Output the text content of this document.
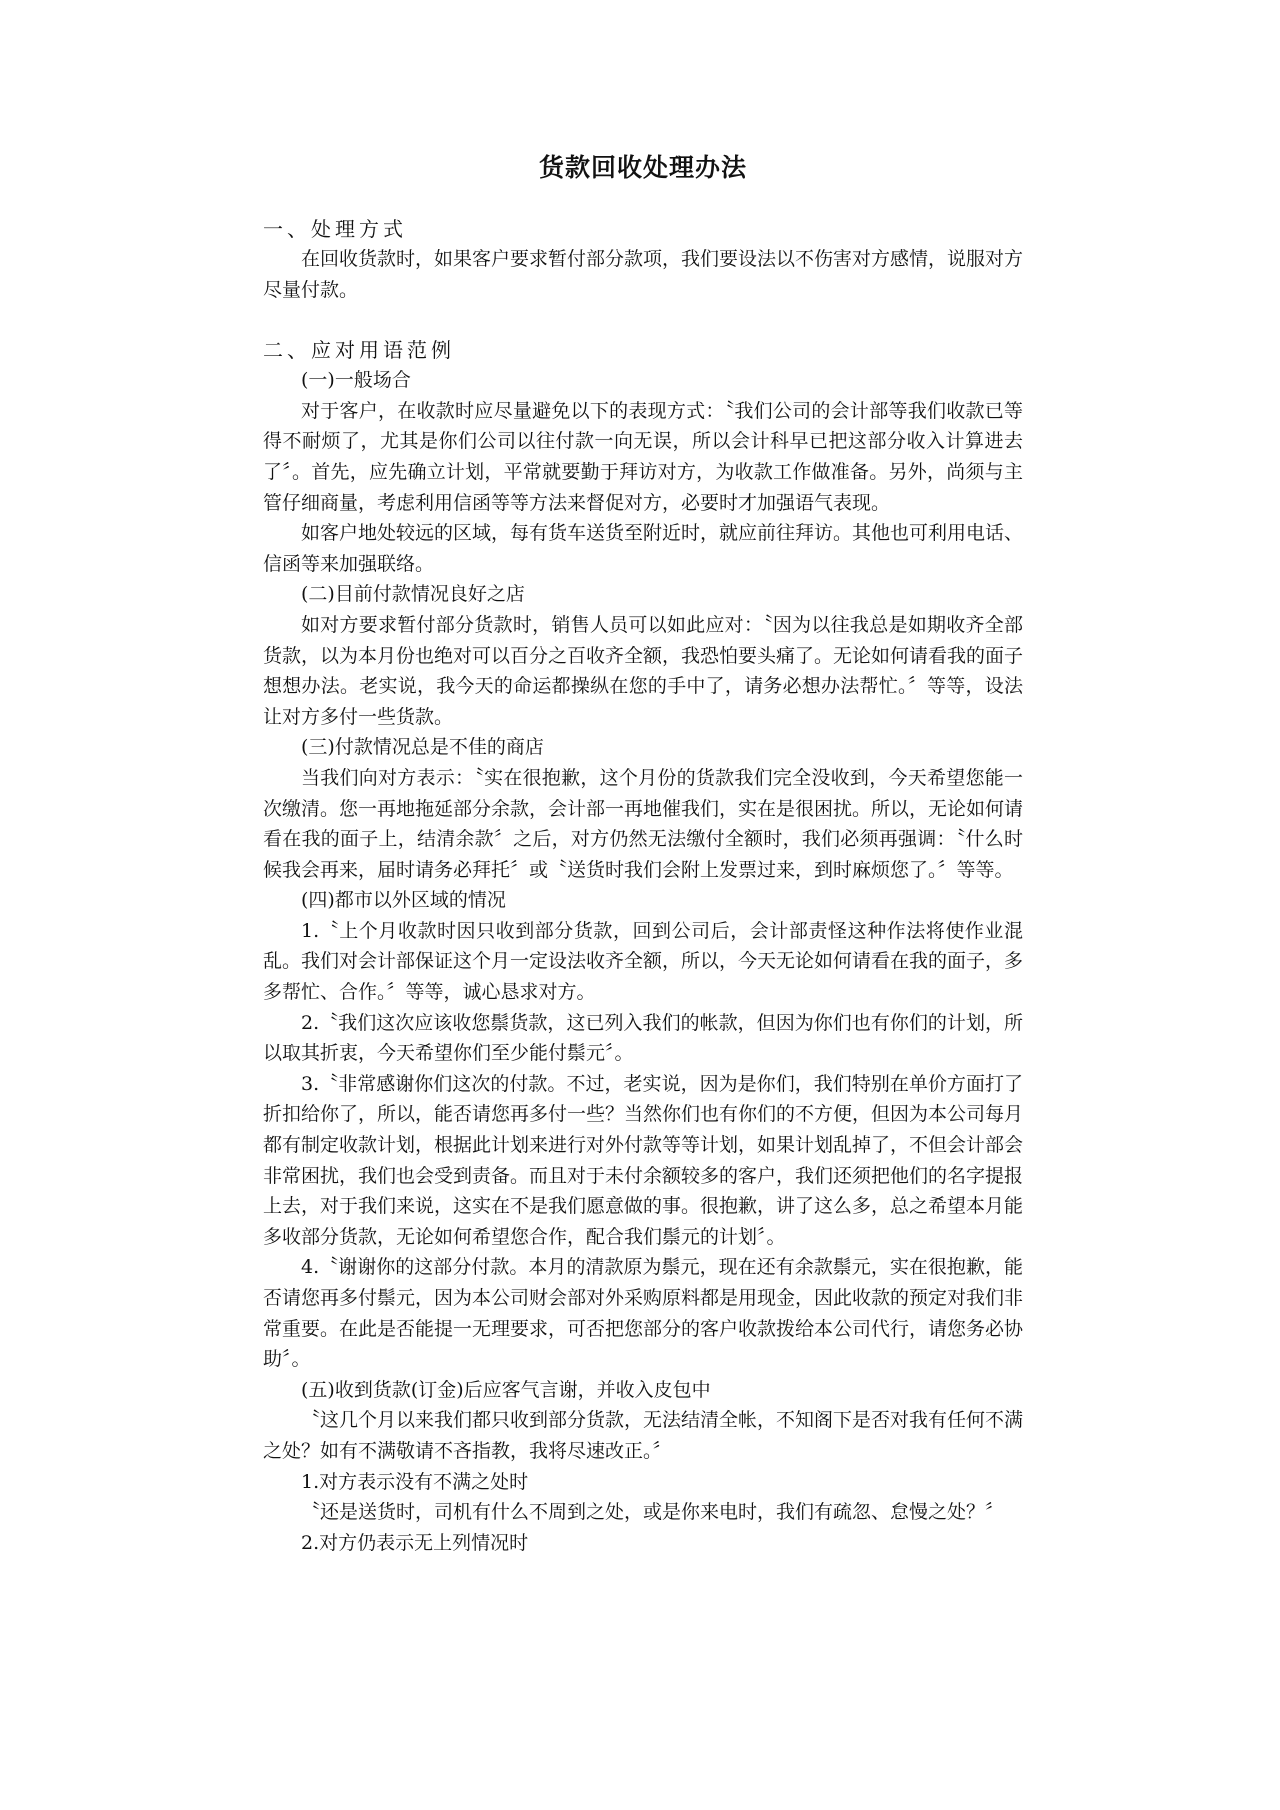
货款回收处理办法
一、处理方式
在回收货款时，如果客户要求暂付部分款项，我们要设法以不伤害对方感情，说服对方尽量付款。
二、应对用语范例
(一)一般场合
对于客户，在收款时应尽量避免以下的表现方式：〝我们公司的会计部等我们收款已等得不耐烦了，尤其是你们公司以往付款一向无误，所以会计科早已把这部分收入计算进去了〞。首先，应先确立计划，平常就要勤于拜访对方，为收款工作做准备。另外，尚须与主管仔细商量，考虑利用信函等等方法来督促对方，必要时才加强语气表现。
如客户地处较远的区域，每有货车送货至附近时，就应前往拜访。其他也可利用电话、信函等来加强联络。
(二)目前付款情况良好之店
如对方要求暂付部分货款时，销售人员可以如此应对：〝因为以往我总是如期收齐全部货款，以为本月份也绝对可以百分之百收齐全额，我恐怕要头痛了。无论如何请看我的面子想想办法。老实说，我今天的命运都操纵在您的手中了，请务必想办法帮忙。〞等等，设法让对方多付一些货款。
(三)付款情况总是不佳的商店
当我们向对方表示：〝实在很抱歉，这个月份的货款我们完全没收到，今天希望您能一次缴清。您一再地拖延部分余款，会计部一再地催我们，实在是很困扰。所以，无论如何请看在我的面子上，结清余款〞之后，对方仍然无法缴付全额时，我们必须再强调：〝什么时候我会再来，届时请务必拜托〞或〝送货时我们会附上发票过来，到时麻烦您了。〞等等。
(四)都市以外区域的情况
1.〝上个月收款时因只收到部分货款，回到公司后，会计部责怪这种作法将使作业混乱。我们对会计部保证这个月一定设法收齐全额，所以，今天无论如何请看在我的面子，多多帮忙、合作。〞等等，诚心恳求对方。
2.〝我们这次应该收您鬃货款，这已列入我们的帐款，但因为你们也有你们的计划，所以取其折衷，今天希望你们至少能付鬃元〞。
3.〝非常感谢你们这次的付款。不过，老实说，因为是你们，我们特别在单价方面打了折扣给你了，所以，能否请您再多付一些？当然你们也有你们的不方便，但因为本公司每月都有制定收款计划，根据此计划来进行对外付款等等计划，如果计划乱掉了，不但会计部会非常困扰，我们也会受到责备。而且对于未付余额较多的客户，我们还须把他们的名字提报上去，对于我们来说，这实在不是我们愿意做的事。很抱歉，讲了这么多，总之希望本月能多收部分货款，无论如何希望您合作，配合我们鬃元的计划〞。
4.〝谢谢你的这部分付款。本月的清款原为鬃元，现在还有余款鬃元，实在很抱歉，能否请您再多付鬃元，因为本公司财会部对外采购原料都是用现金，因此收款的预定对我们非常重要。在此是否能提一无理要求，可否把您部分的客户收款拨给本公司代行，请您务必协助〞。
(五)收到货款(订金)后应客气言谢，并收入皮包中
〝这几个月以来我们都只收到部分货款，无法结清全帐，不知阁下是否对我有任何不满之处？如有不满敬请不吝指教，我将尽速改正。〞
1.对方表示没有不满之处时
〝还是送货时，司机有什么不周到之处，或是你来电时，我们有疏忽、怠慢之处？〞
2.对方仍表示无上列情况时
